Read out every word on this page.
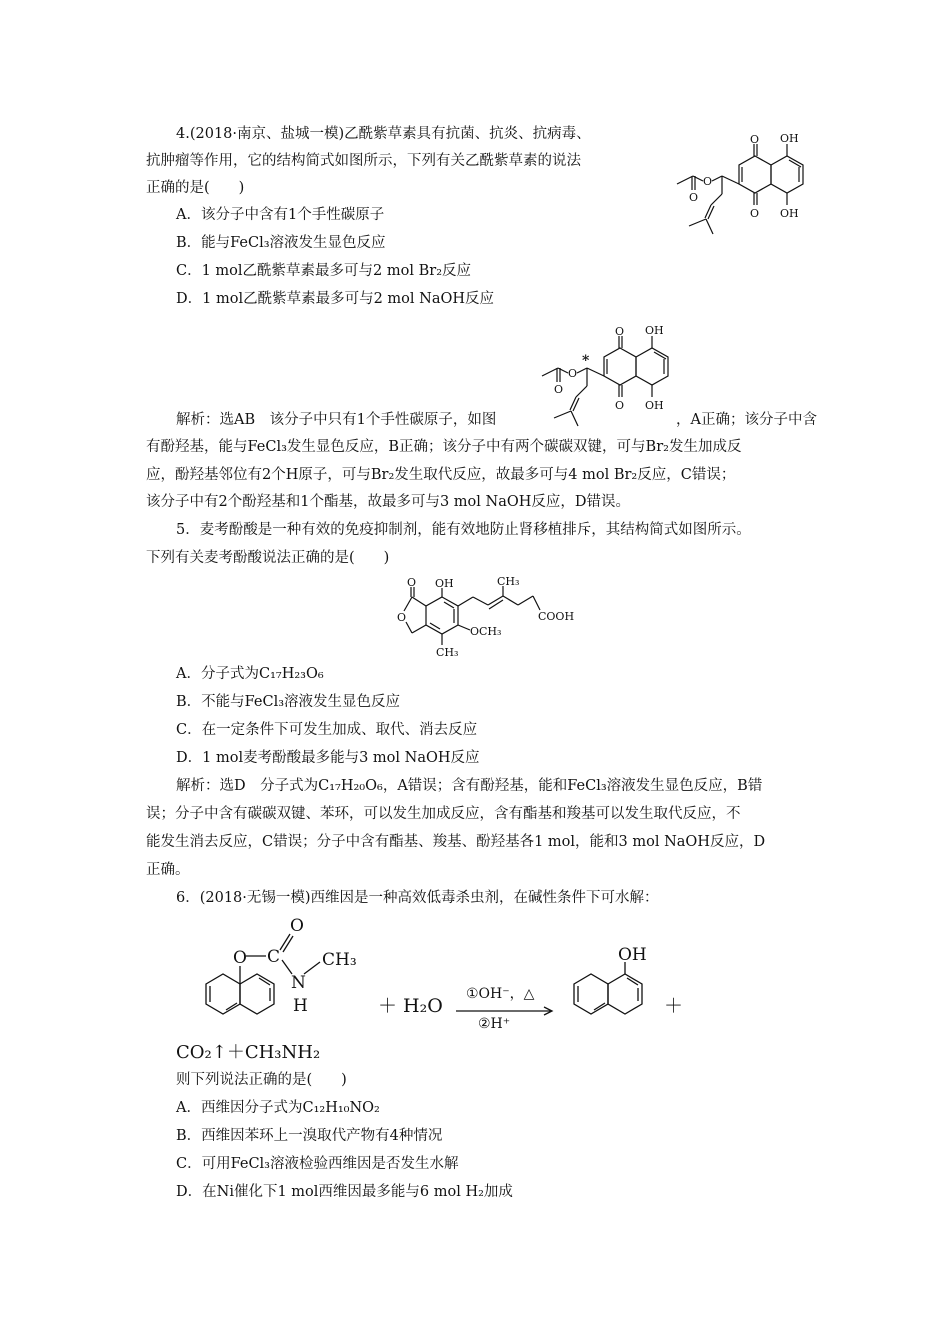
4.(2018·南京、盐城一模)乙酰紫草素具有抗菌、抗炎、抗病毒、
抗肿瘤等作用，它的结构简式如图所示，下列有关乙酰紫草素的说法
正确的是(　　)
A．该分子中含有1个手性碳原子
B．能与FeCl₃溶液发生显色反应
C．1 mol乙酰紫草素最多可与2 mol Br₂反应
D．1 mol乙酰紫草素最多可与2 mol NaOH反应
O
O
OH
OH
O
O
O
O
OH
OH
O
O
*
解析：选AB　该分子中只有1个手性碳原子，如图	，A正确；该分子中含
有酚羟基，能与FeCl₃发生显色反应，B正确；该分子中有两个碳碳双键，可与Br₂发生加成反
应，酚羟基邻位有2个H原子，可与Br₂发生取代反应，故最多可与4 mol Br₂反应，C错误；
该分子中有2个酚羟基和1个酯基，故最多可与3 mol NaOH反应，D错误。
5．麦考酚酸是一种有效的免疫抑制剂，能有效地防止肾移植排斥，其结构简式如图所示。
下列有关麦考酚酸说法正确的是(　　)
O
O
OH
CH₃
OCH₃
CH₃
COOH
A．分子式为C₁₇H₂₃O₆
B．不能与FeCl₃溶液发生显色反应
C．在一定条件下可发生加成、取代、消去反应
D．1 mol麦考酚酸最多能与3 mol NaOH反应
解析：选D　分子式为C₁₇H₂₀O₆，A错误；含有酚羟基，能和FeCl₃溶液发生显色反应，B错
误；分子中含有碳碳双键、苯环，可以发生加成反应，含有酯基和羧基可以发生取代反应，不
能发生消去反应，C错误；分子中含有酯基、羧基、酚羟基各1 mol，能和3 mol NaOH反应，D
正确。
6．(2018·无锡一模)西维因是一种高效低毒杀虫剂，在碱性条件下可水解：
O C
O
N
H
CH₃
＋ H₂O
①OH⁻，△
②H⁺
OH
＋
CO₂↑＋CH₃NH₂
则下列说法正确的是(　　)
A．西维因分子式为C₁₂H₁₀NO₂
B．西维因苯环上一溴取代产物有4种情况
C．可用FeCl₃溶液检验西维因是否发生水解
D．在Ni催化下1 mol西维因最多能与6 mol H₂加成
